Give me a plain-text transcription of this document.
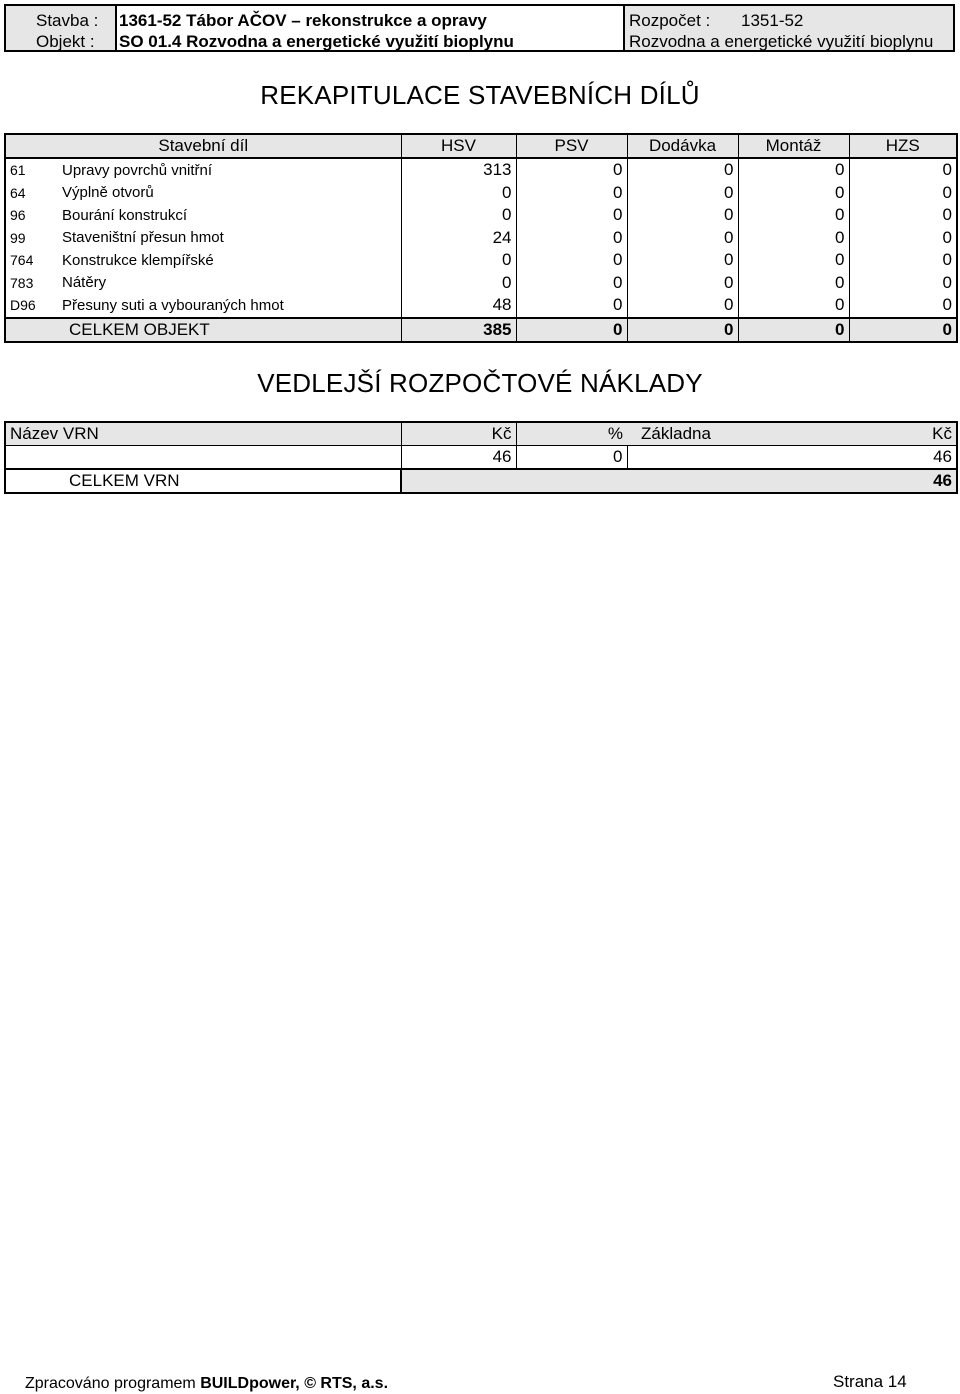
Stavba :
Objekt :
1361-52 Tábor AČOV – rekonstrukce a opravy
SO 01.4 Rozvodna a energetické využití bioplynu
Rozpočet : 1351-52
Rozvodna a energetické využití bioplynu
REKAPITULACE STAVEBNÍCH DÍLŮ
Stavební díl		HSV	PSV	Dodávka	Montáž	HZS
61	Upravy povrchů vnitřní	313	0	0	0	0
64	Výplně otvorů	0	0	0	0	0
96	Bourání konstrukcí	0	0	0	0	0
99	Staveništní přesun hmot	24	0	0	0	0
764	Konstrukce klempířské	0	0	0	0	0
783	Nátěry	0	0	0	0	0
D96	Přesuny suti a vybouraných hmot	48	0	0	0	0
CELKEM OBJEKT		385	0	0	0	0
VEDLEJŠÍ ROZPOČTOVÉ NÁKLADY
Název VRN	Kč	%	Základna	Kč
	46	0		46
CELKEM VRN	46			
Zpracováno programem BUILDpower, © RTS, a.s.	Strana 14
